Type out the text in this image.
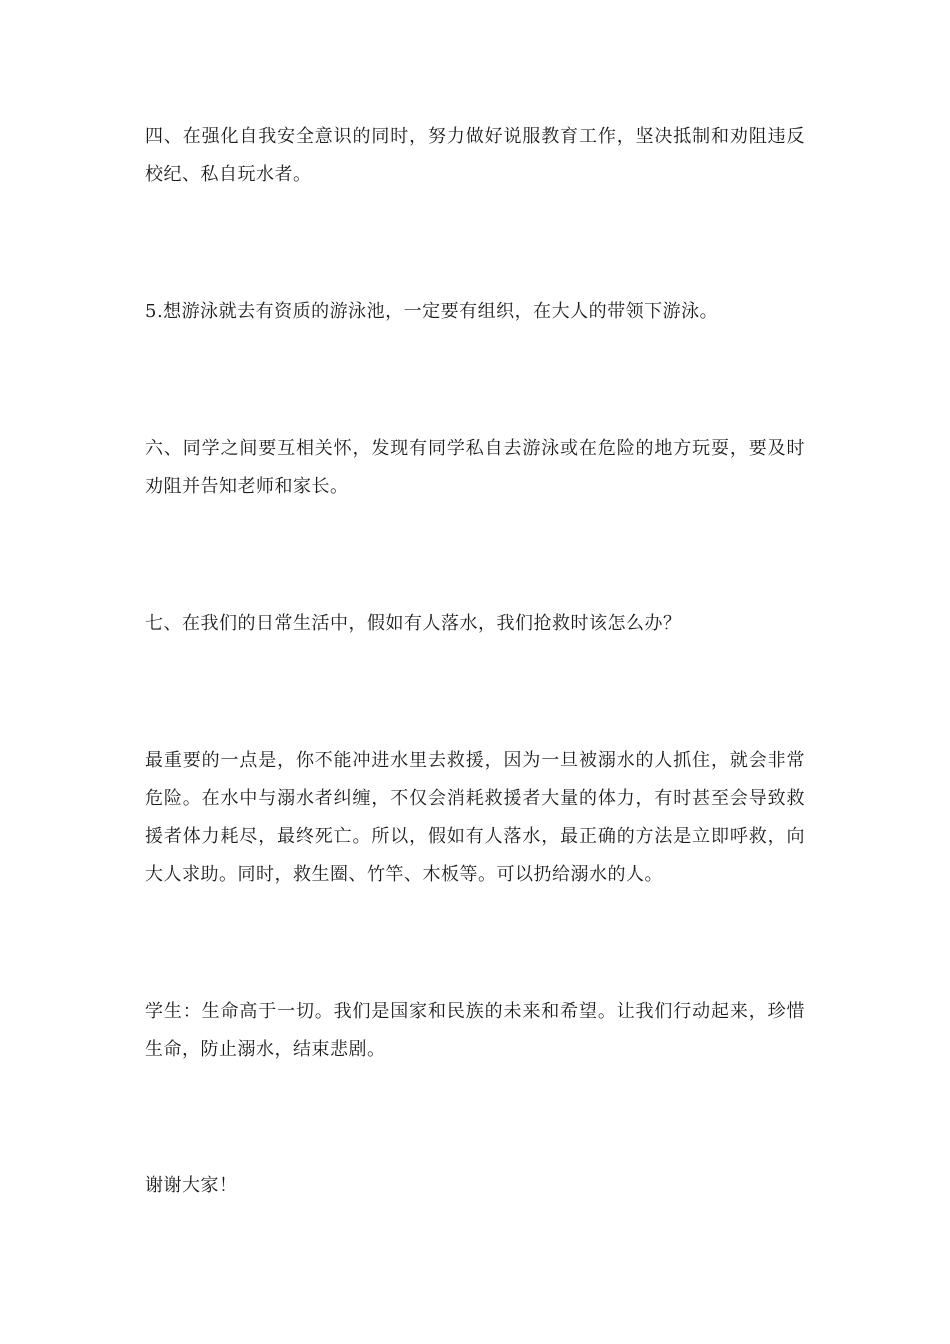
四、在强化自我安全意识的同时，努力做好说服教育工作，坚决抵制和劝阻违反校纪、私自玩水者。

5.想游泳就去有资质的游泳池，一定要有组织，在大人的带领下游泳。

六、同学之间要互相关怀，发现有同学私自去游泳或在危险的地方玩耍，要及时劝阻并告知老师和家长。

七、在我们的日常生活中，假如有人落水，我们抢救时该怎么办？

最重要的一点是，你不能冲进水里去救援，因为一旦被溺水的人抓住，就会非常危险。在水中与溺水者纠缠，不仅会消耗救援者大量的体力，有时甚至会导致救援者体力耗尽，最终死亡。所以，假如有人落水，最正确的方法是立即呼救，向大人求助。同时，救生圈、竹竿、木板等。可以扔给溺水的人。

学生：生命高于一切。我们是国家和民族的未来和希望。让我们行动起来，珍惜生命，防止溺水，结束悲剧。

谢谢大家！
